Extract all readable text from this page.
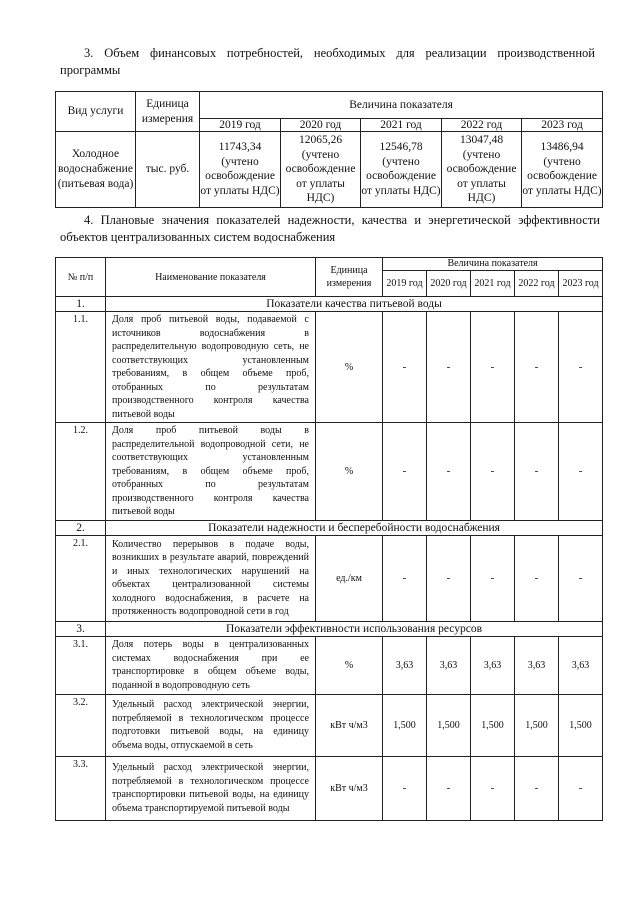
3. Объем финансовых потребностей, необходимых для реализации производственной программы
Вид услуги	Единица измерения	Величина показателя				
		2019 год	2020 год	2021 год	2022 год	2023 год
Холодное водоснабжение (питьевая вода)	тыс. руб.	11743,34 (учтено освобождение от уплаты НДС)	12065,26 (учтено освобождение от уплаты НДС)	12546,78 (учтено освобождение от уплаты НДС)	13047,48 (учтено освобождение от уплаты НДС)	13486,94 (учтено освобождение от уплаты НДС)
4. Плановые значения показателей надежности, качества и энергетической эффективности объектов централизованных систем водоснабжения
№ п/п	Наименование показателя	Единица измерения	Величина показателя				
			2019 год	2020 год	2021 год	2022 год	2023 год
1.	Показатели качества питьевой воды						
1.1.	Доля проб питьевой воды, подаваемой с источников водоснабжения в распределительную водопроводную сеть, не соответствующих установленным требованиям, в общем объеме проб, отобранных по результатам производственного контроля качества питьевой воды	%	-	-	-	-	-
1.2.	Доля проб питьевой воды в распределительной водопроводной сети, не соответствующих установленным требованиям, в общем объеме проб, отобранных по результатам производственного контроля качества питьевой воды	%	-	-	-	-	-
2.	Показатели надежности и бесперебойности водоснабжения						
2.1.	Количество перерывов в подаче воды, возникших в результате аварий, повреждений и иных технологических нарушений на объектах централизованной системы холодного водоснабжения, в расчете на протяженность водопроводной сети в год	ед./км	-	-	-	-	-
3.	Показатели эффективности использования ресурсов						
3.1.	Доля потерь воды в централизованных системах водоснабжения при ее транспортировке в общем объеме воды, поданной в водопроводную сеть	%	3,63	3,63	3,63	3,63	3,63
3.2.	Удельный расход электрической энергии, потребляемой в технологическом процессе подготовки питьевой воды, на единицу объема воды, отпускаемой в сеть	кВт ч/м3	1,500	1,500	1,500	1,500	1,500
3.3.	Удельный расход электрической энергии, потребляемой в технологическом процессе транспортировки питьевой воды, на единицу объема транспортируемой питьевой воды	кВт ч/м3	-	-	-	-	-
